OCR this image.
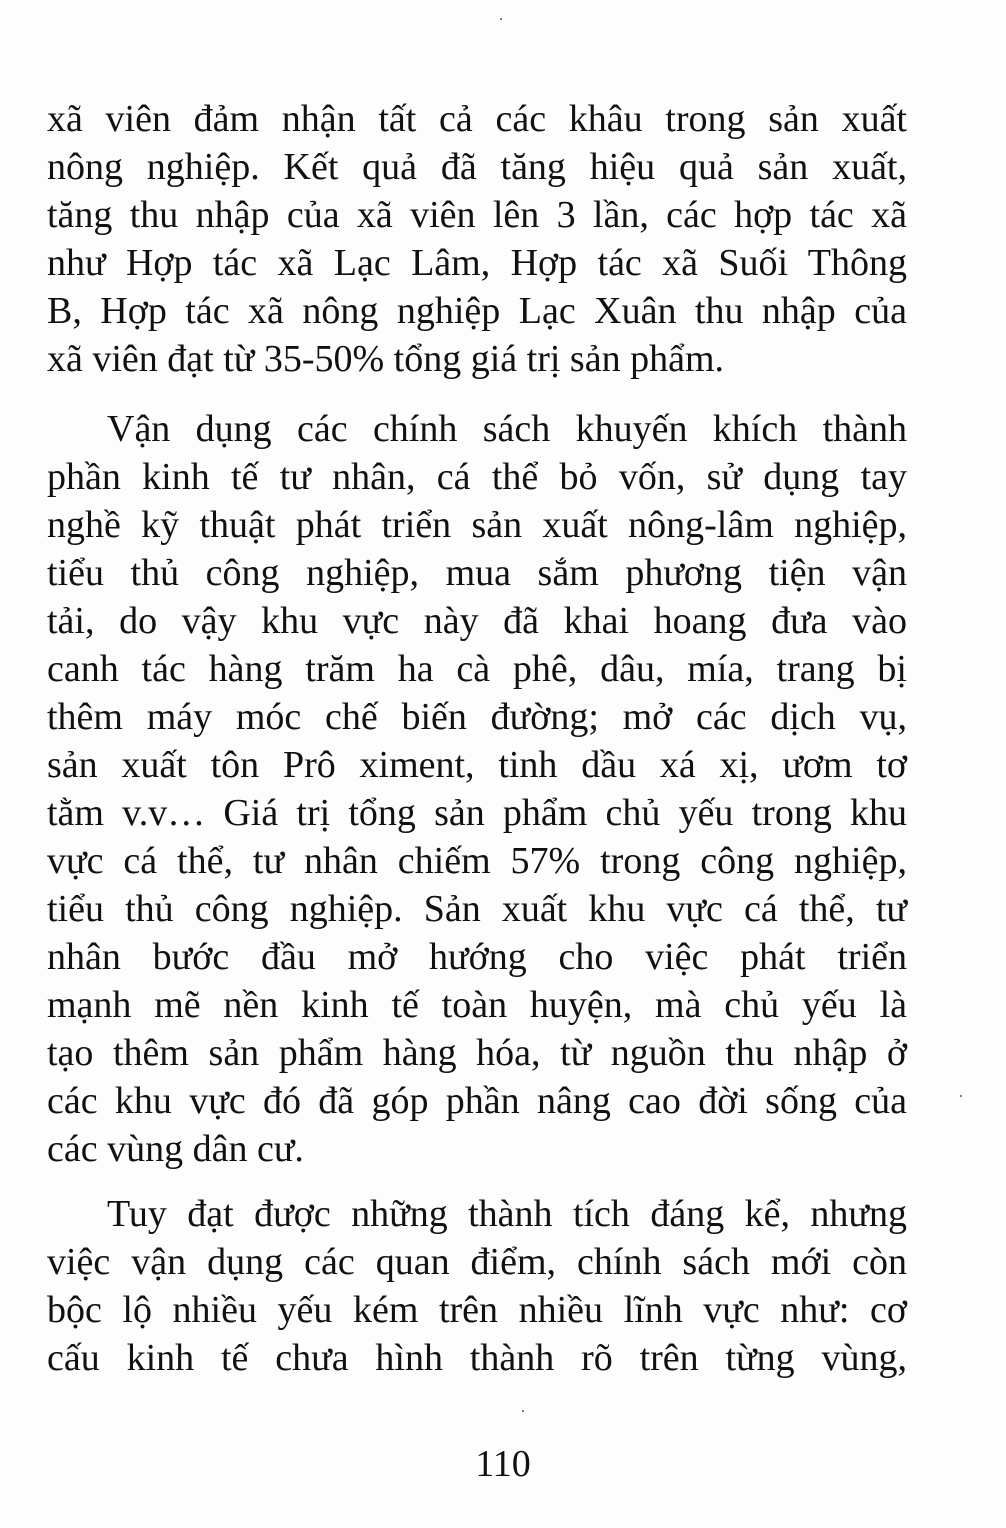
xã viên đảm nhận tất cả các khâu trong sản xuất
nông nghiệp. Kết quả đã tăng hiệu quả sản xuất,
tăng thu nhập của xã viên lên 3 lần, các hợp tác xã
như Hợp tác xã Lạc Lâm, Hợp tác xã Suối Thông
B, Hợp tác xã nông nghiệp Lạc Xuân thu nhập của
xã viên đạt từ 35-50% tổng giá trị sản phẩm.
Vận dụng các chính sách khuyến khích thành
phần kinh tế tư nhân, cá thể bỏ vốn, sử dụng tay
nghề kỹ thuật phát triển sản xuất nông-lâm nghiệp,
tiểu thủ công nghiệp, mua sắm phương tiện vận
tải, do vậy khu vực này đã khai hoang đưa vào
canh tác hàng trăm ha cà phê, dâu, mía, trang bị
thêm máy móc chế biến đường; mở các dịch vụ,
sản xuất tôn Prô ximent, tinh dầu xá xị, ươm tơ
tằm v.v… Giá trị tổng sản phẩm chủ yếu trong khu
vực cá thể, tư nhân chiếm 57% trong công nghiệp,
tiểu thủ công nghiệp. Sản xuất khu vực cá thể, tư
nhân bước đầu mở hướng cho việc phát triển
mạnh mẽ nền kinh tế toàn huyện, mà chủ yếu là
tạo thêm sản phẩm hàng hóa, từ nguồn thu nhập ở
các khu vực đó đã góp phần nâng cao đời sống của
các vùng dân cư.
Tuy đạt được những thành tích đáng kể, nhưng
việc vận dụng các quan điểm, chính sách mới còn
bộc lộ nhiều yếu kém trên nhiều lĩnh vực như: cơ
cấu kinh tế chưa hình thành rõ trên từng vùng,
110
